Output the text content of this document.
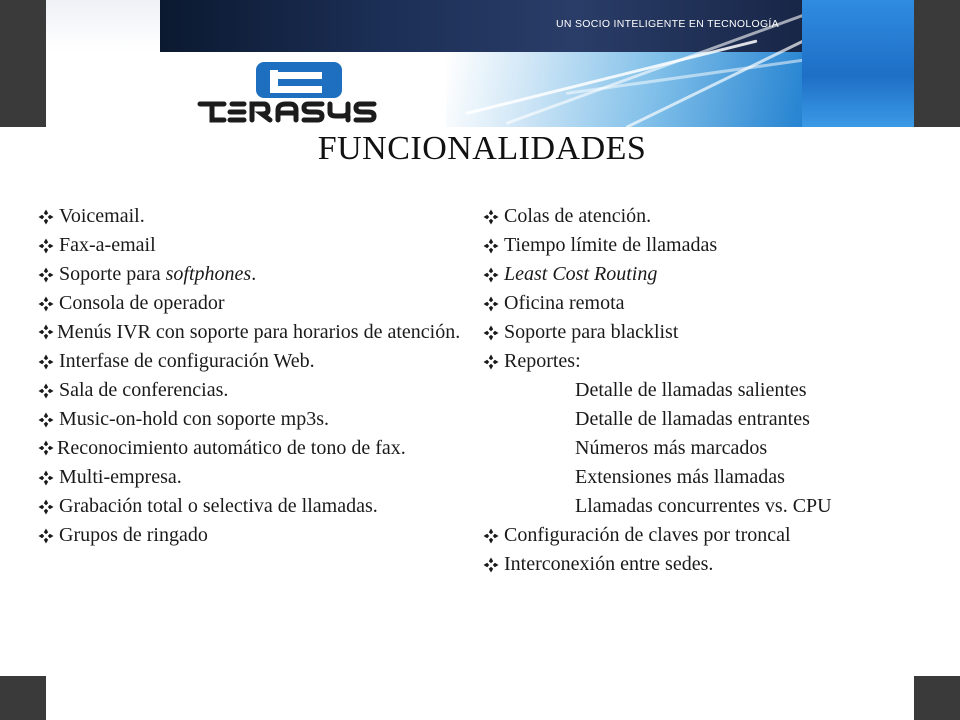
UN SOCIO INTELIGENTE EN TECNOLOGÍA
FUNCIONALIDADES
Voicemail.
Fax-a-email
Soporte para softphones.
Consola de operador
Menús IVR con soporte para horarios de atención.
Interfase de configuración Web.
Sala de conferencias.
Music-on-hold con soporte mp3s.
Reconocimiento automático de tono de fax.
Multi-empresa.
Grabación total o selectiva de llamadas.
Grupos de ringado
Colas de atención.
Tiempo límite de llamadas
Least Cost Routing
Oficina remota
Soporte para blacklist
Reportes:
Detalle de llamadas salientes
Detalle de llamadas entrantes
Números más marcados
Extensiones más llamadas
Llamadas concurrentes vs. CPU
Configuración de claves por troncal
Interconexión entre sedes.
